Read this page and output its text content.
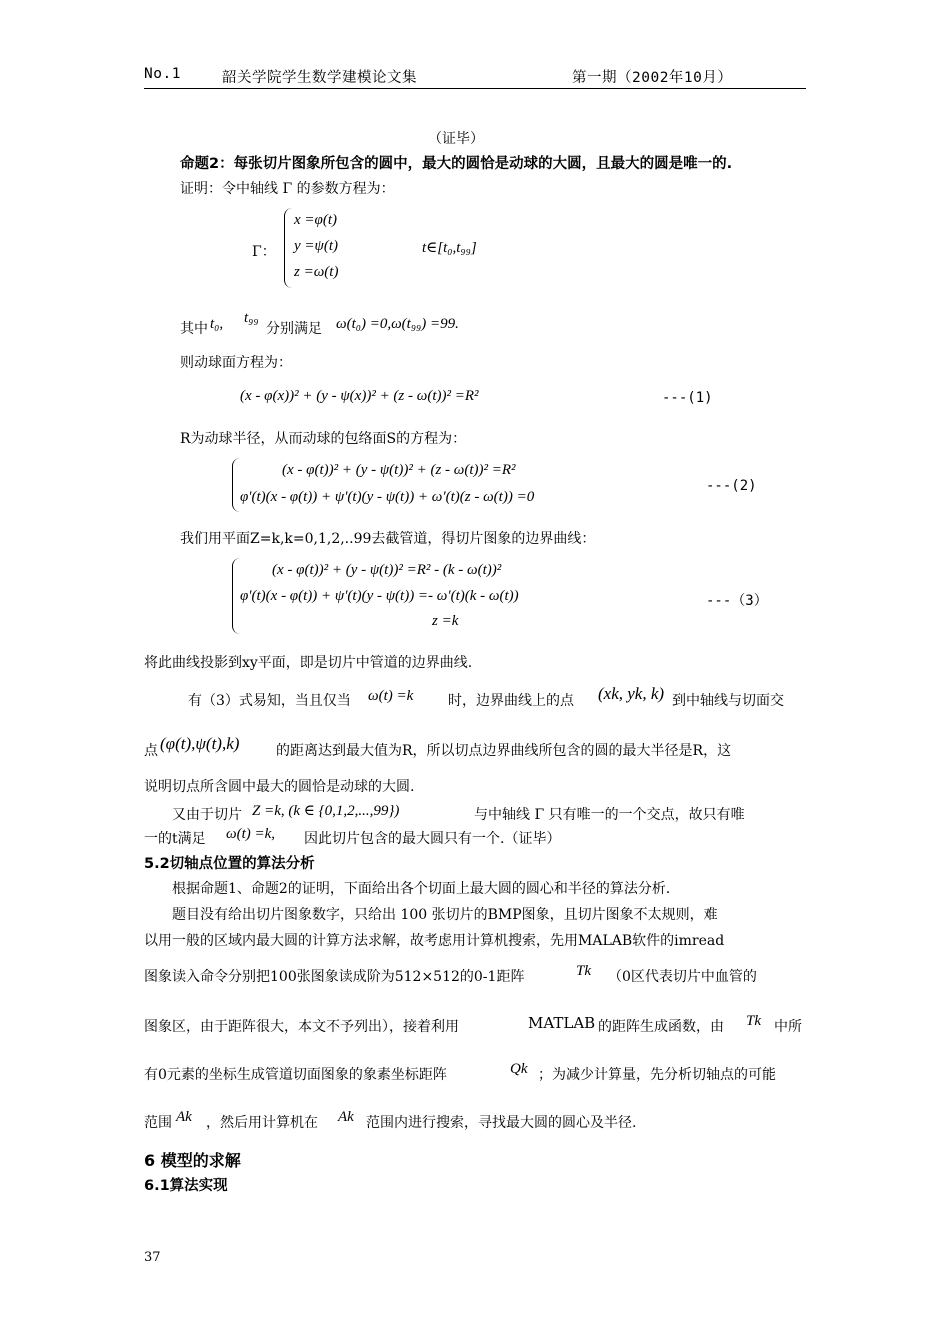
No.1	韶关学院学生数学建模论文集	第一期（2002年10月）
（证毕）
命题2：每张切片图象所包含的圆中，最大的圆恰是动球的大圆，且最大的圆是唯一的.
证明：令中轴线 Γ 的参数方程为：
Γ：
x =φ(t)
y =ψ(t)
z =ω(t)
t∈[t₀,t₉₉]
其中 t₀, t₉₉
分别满足 ω(t₀) =0,ω(t₉₉) =99.
则动球面方程为：
(x - φ(x))² + (y - ψ(x))² + (z - ω(t))² =R²	---(1)
R为动球半径，从而动球的包络面S的方程为：
(x - φ(t))² + (y - ψ(t))² + (z - ω(t))² =R²
φ'(t)(x - φ(t)) + ψ'(t)(y - ψ(t)) + ω'(t)(z - ω(t)) =0
---(2)
我们用平面Z=k,k=0,1,2,..99去截管道，得切片图象的边界曲线：
(x - φ(t))² + (y - ψ(t))² =R² - (k - ω(t))²
φ'(t)(x - φ(t)) + ψ'(t)(y - ψ(t)) =- ω'(t)(k - ω(t))
z =k
---（3）
将此曲线投影到xy平面，即是切片中管道的边界曲线.
有（3）式易知，当且仅当 ω(t) =k 时，边界曲线上的点 (xk, yk, k) 到中轴线与切面交
点 (φ(t),ψ(t),k)	的距离达到最大值为R，所以切点边界曲线所包含的圆的最大半径是R，这
说明切点所含圆中最大的圆恰是动球的大圆.
又由于切片 Z =k, (k ∈ {0,1,2,...,99})	与中轴线 Γ 只有唯一的一个交点，故只有唯
一的t满足 ω(t) =k, 因此切片包含的最大圆只有一个.（证毕）
5.2切轴点位置的算法分析
根据命题1、命题2的证明，下面给出各个切面上最大圆的圆心和半径的算法分析.
题目没有给出切片图象数字，只给出 100 张切片的BMP图象，且切片图象不太规则，难
以用一般的区域内最大圆的计算方法求解，故考虑用计算机搜索，先用MALAB软件的imread
图象读入命令分别把100张图象读成阶为512×512的0-1距阵	Tk （0区代表切片中血管的
图象区，由于距阵很大，本文不予列出），接着利用	MATLAB 的距阵生成函数，由 Tk 中所
有0元素的坐标生成管道切面图象的象素坐标距阵	Qk ；为减少计算量，先分析切轴点的可能
范围 Ak ，然后用计算机在 Ak 范围内进行搜索，寻找最大圆的圆心及半径.
6 模型的求解
6.1算法实现
37
